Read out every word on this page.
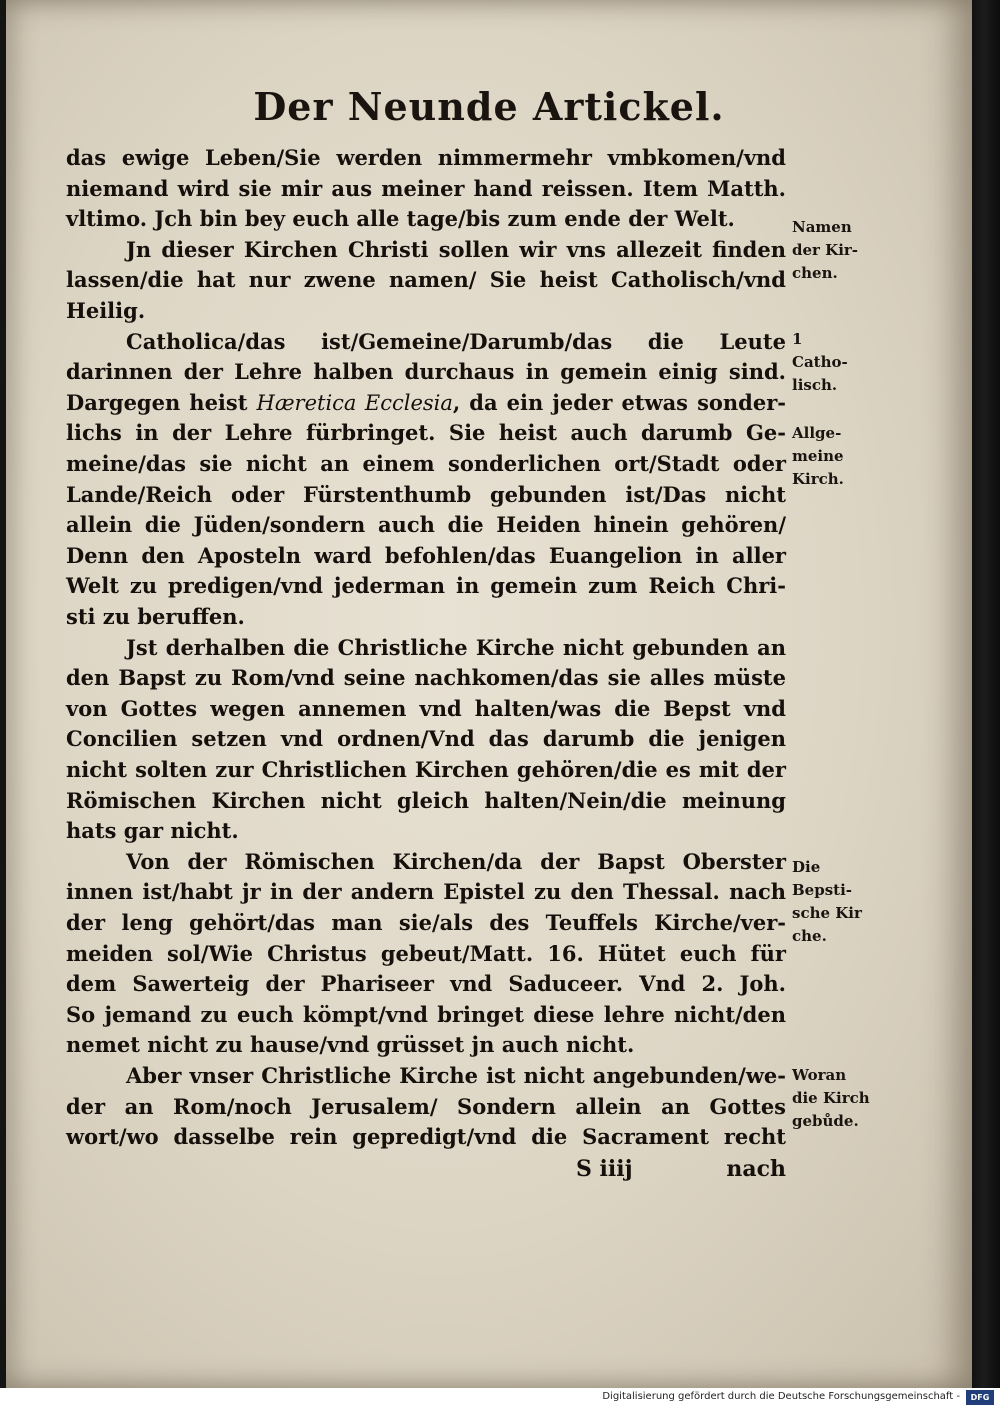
Der Neunde Artickel.
das ewige Leben/Sie werden nimmermehr vmbkomen/vnd
niemand wird sie mir aus meiner hand reissen. Item Matth.
vltimo. Jch bin bey euch alle tage/bis zum ende der Welt.
Jn dieser Kirchen Christi sollen wir vns allezeit finden
lassen/die hat nur zwene namen/ Sie heist Catholisch/vnd
Heilig.
Catholica/das ist/Gemeine/Darumb/das die Leute
darinnen der Lehre halben durchaus in gemein einig sind.
Dargegen heist Hæretica Ecclesia, da ein jeder etwas sonder-
lichs in der Lehre fürbringet. Sie heist auch darumb Ge-
meine/das sie nicht an einem sonderlichen ort/Stadt oder
Lande/Reich oder Fürstenthumb gebunden ist/Das nicht
allein die Jüden/sondern auch die Heiden hinein gehören/
Denn den Aposteln ward befohlen/das Euangelion in aller
Welt zu predigen/vnd jederman in gemein zum Reich Chri-
sti zu beruffen.
Jst derhalben die Christliche Kirche nicht gebunden an
den Bapst zu Rom/vnd seine nachkomen/das sie alles müste
von Gottes wegen annemen vnd halten/was die Bepst vnd
Concilien setzen vnd ordnen/Vnd das darumb die jenigen
nicht solten zur Christlichen Kirchen gehören/die es mit der
Römischen Kirchen nicht gleich halten/Nein/die meinung
hats gar nicht.
Von der Römischen Kirchen/da der Bapst Oberster
innen ist/habt jr in der andern Epistel zu den Thessal. nach
der leng gehört/das man sie/als des Teuffels Kirche/ver-
meiden sol/Wie Christus gebeut/Matt. 16. Hütet euch für
dem Sawerteig der Phariseer vnd Saduceer. Vnd 2. Joh.
So jemand zu euch kömpt/vnd bringet diese lehre nicht/den
nemet nicht zu hause/vnd grüsset jn auch nicht.
Aber vnser Christliche Kirche ist nicht angebunden/we-
der an Rom/noch Jerusalem/ Sondern allein an Gottes
wort/wo dasselbe rein gepredigt/vnd die Sacrament recht
Namen
der Kir-
chen.
1
Catho-
lisch.
Allge-
meine
Kirch.
Die
Bepsti-
sche Kir
che.
Woran
die Kirch
gebůde.
S iiij	nach
Digitalisierung gefördert durch die Deutsche Forschungsgemeinschaft -	DFG
